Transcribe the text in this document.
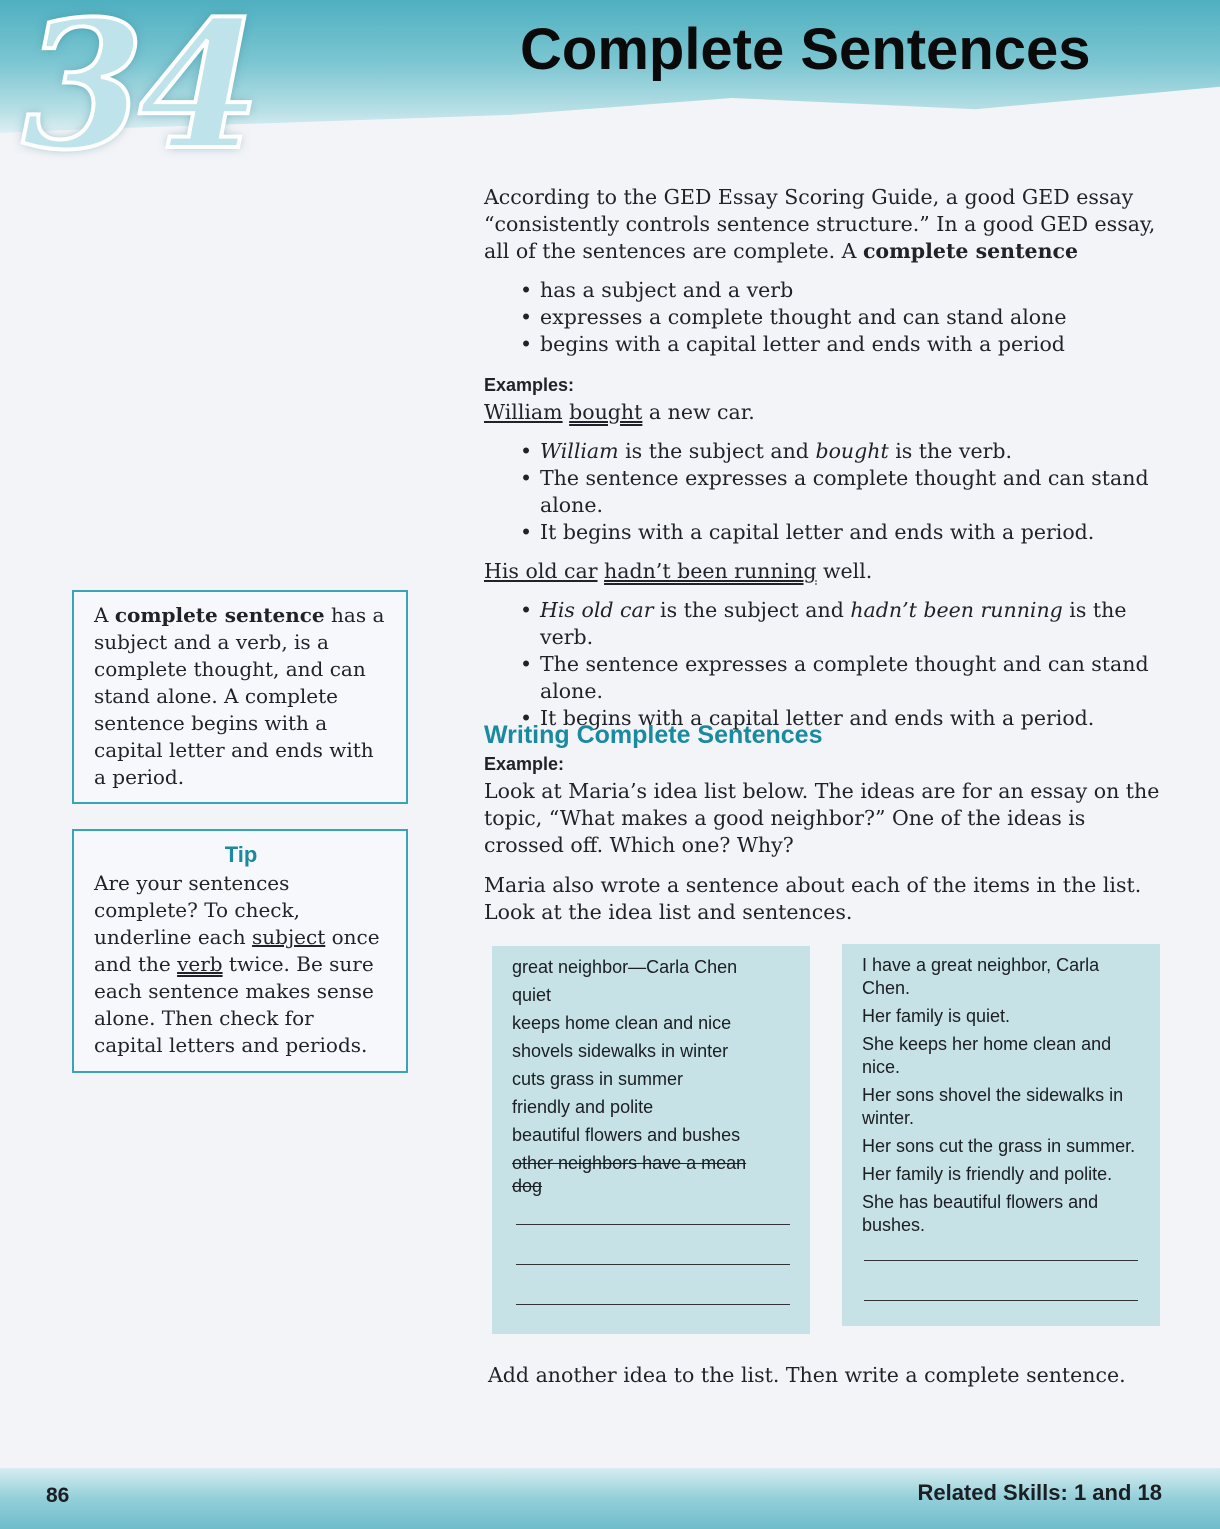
34	Complete Sentences

According to the GED Essay Scoring Guide, a good GED essay “consistently controls sentence structure.” In a good GED essay, all of the sentences are complete. A complete sentence

• has a subject and a verb
• expresses a complete thought and can stand alone
• begins with a capital letter and ends with a period
Examples:

William bought a new car.

• William is the subject and bought is the verb.
• The sentence expresses a complete thought and can stand alone.
• It begins with a capital letter and ends with a period.

His old car hadn’t been running well.

• His old car is the subject and hadn’t been running is the verb.
• The sentence expresses a complete thought and can stand alone.
• It begins with a capital letter and ends with a period.
Writing Complete Sentences
Example:

Look at Maria’s idea list below. The ideas are for an essay on the topic, “What makes a good neighbor?” One of the ideas is crossed off. Which one? Why?

Maria also wrote a sentence about each of the items in the list. Look at the idea list and sentences.

great neighbor—Carla Chen
quiet
keeps home clean and nice
shovels sidewalks in winter
cuts grass in summer
friendly and polite
beautiful flowers and bushes
other neighbors have a mean dog
I have a great neighbor, Carla Chen.
Her family is quiet.
She keeps her home clean and nice.
Her sons shovel the sidewalks in winter.
Her sons cut the grass in summer.
Her family is friendly and polite.
She has beautiful flowers and bushes.
Add another idea to the list. Then write a complete sentence.
A complete sentence has a subject and a verb, is a complete thought, and can stand alone. A complete sentence begins with a capital letter and ends with a period.
Tip
Are your sentences complete? To check, underline each subject once and the verb twice. Be sure each sentence makes sense alone. Then check for capital letters and periods.
86	Related Skills: 1 and 18
